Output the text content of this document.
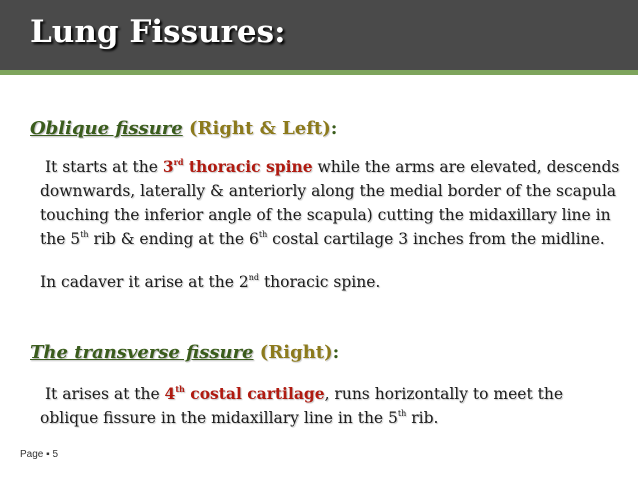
Lung Fissures:
Oblique fissure (Right & Left):
It starts at the 3rd thoracic spine while the arms are elevated, descends
downwards, laterally & anteriorly along the medial border of the scapula
touching the inferior angle of the scapula) cutting the midaxillary line in
the 5th rib & ending at the 6th costal cartilage 3 inches from the midline.
In cadaver it arise at the 2nd thoracic spine.
The transverse fissure (Right):
It arises at the 4th costal cartilage, runs horizontally to meet the
oblique fissure in the midaxillary line in the 5th rib.
Page ▪ 5
